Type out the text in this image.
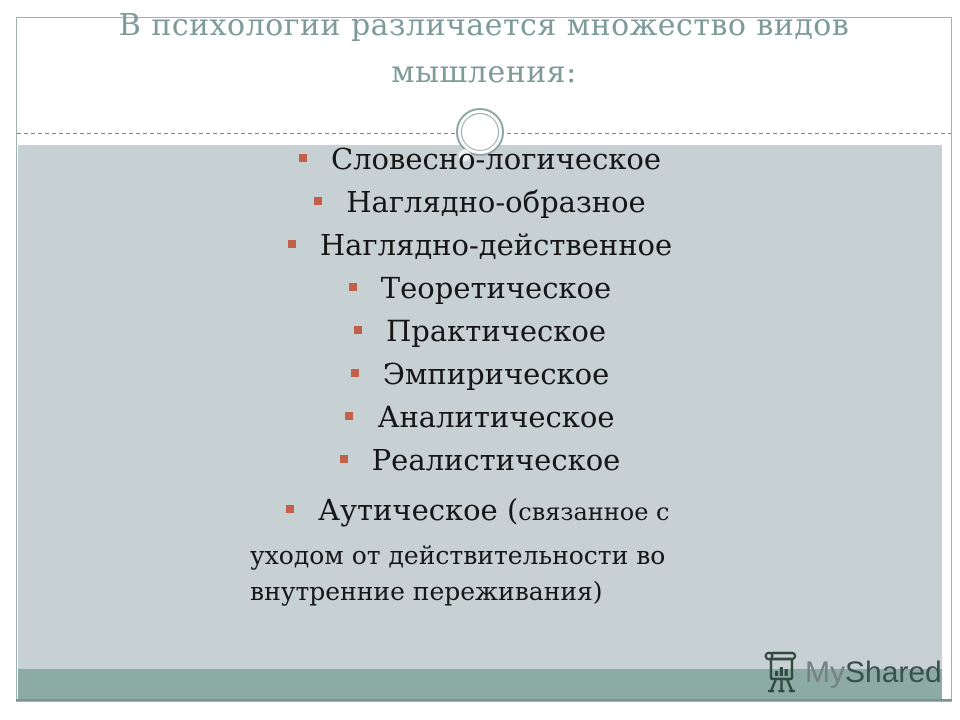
В психологии различается множество видов
мышления:
Словесно-логическое
Наглядно-образное
Наглядно-действенное
Теоретическое
Практическое
Эмпирическое
Аналитическое
Реалистическое
Аутическое (связанное с
уходом от действительности во
внутренние переживания)
My Shared
